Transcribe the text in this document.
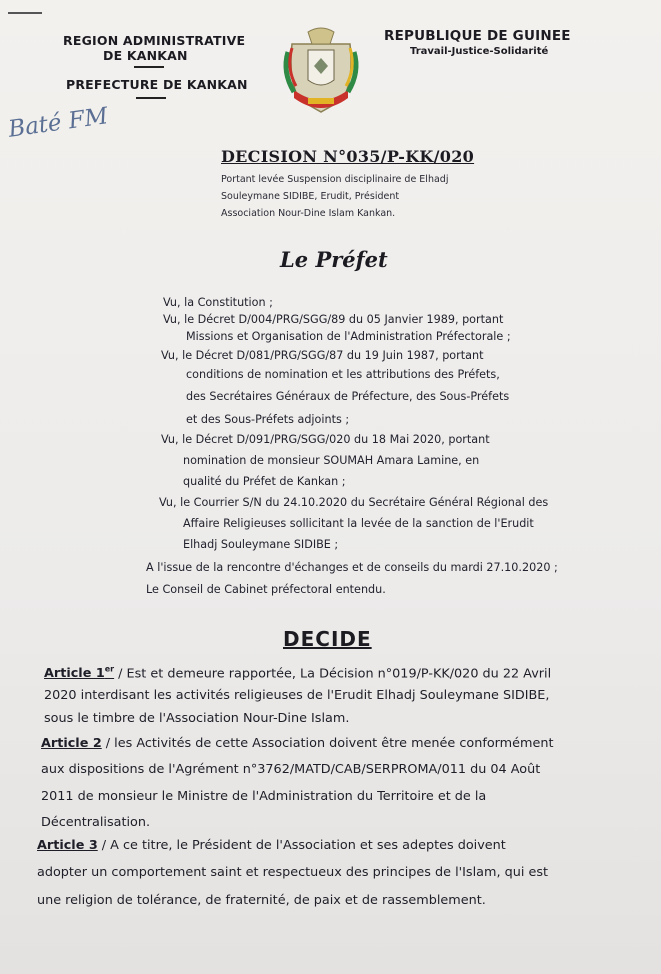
REGION ADMINISTRATIVE
DE KANKAN
PREFECTURE DE KANKAN
Baté FM
REPUBLIQUE DE GUINEE
Travail-Justice-Solidarité
DECISION N°035/P-KK/020
Portant levée Suspension disciplinaire de Elhadj
Souleymane SIDIBE, Erudit, Président
Association Nour-Dine Islam Kankan.
Le Préfet
Vu, la Constitution ;
Vu, le Décret D/004/PRG/SGG/89 du 05 Janvier 1989, portant
Missions et Organisation de l'Administration Préfectorale ;
Vu, le Décret D/081/PRG/SGG/87 du 19 Juin 1987, portant
conditions de nomination et les attributions des Préfets,
des Secrétaires Généraux de Préfecture, des Sous-Préfets
et des Sous-Préfets adjoints ;
Vu, le Décret D/091/PRG/SGG/020 du 18 Mai 2020, portant
nomination de monsieur SOUMAH Amara Lamine, en
qualité du Préfet de Kankan ;
Vu, le Courrier S/N du 24.10.2020 du Secrétaire Général Régional des
Affaire Religieuses sollicitant la levée de la sanction de l'Erudit
Elhadj Souleymane SIDIBE ;
A l'issue de la rencontre d'échanges et de conseils du mardi 27.10.2020 ;
Le Conseil de Cabinet préfectoral entendu.
DECIDE
Article 1er / Est et demeure rapportée, La Décision n°019/P-KK/020 du 22 Avril
2020 interdisant les activités religieuses de l'Erudit Elhadj Souleymane SIDIBE,
sous le timbre de l'Association Nour-Dine Islam.
Article 2 / les Activités de cette Association doivent être menée conformément
aux dispositions de l'Agrément n°3762/MATD/CAB/SERPROMA/011 du 04 Août
2011 de monsieur le Ministre de l'Administration du Territoire et de la
Décentralisation.
Article 3 / A ce titre, le Président de l'Association et ses adeptes doivent
adopter un comportement saint et respectueux des principes de l'Islam, qui est
une religion de tolérance, de fraternité, de paix et de rassemblement.
